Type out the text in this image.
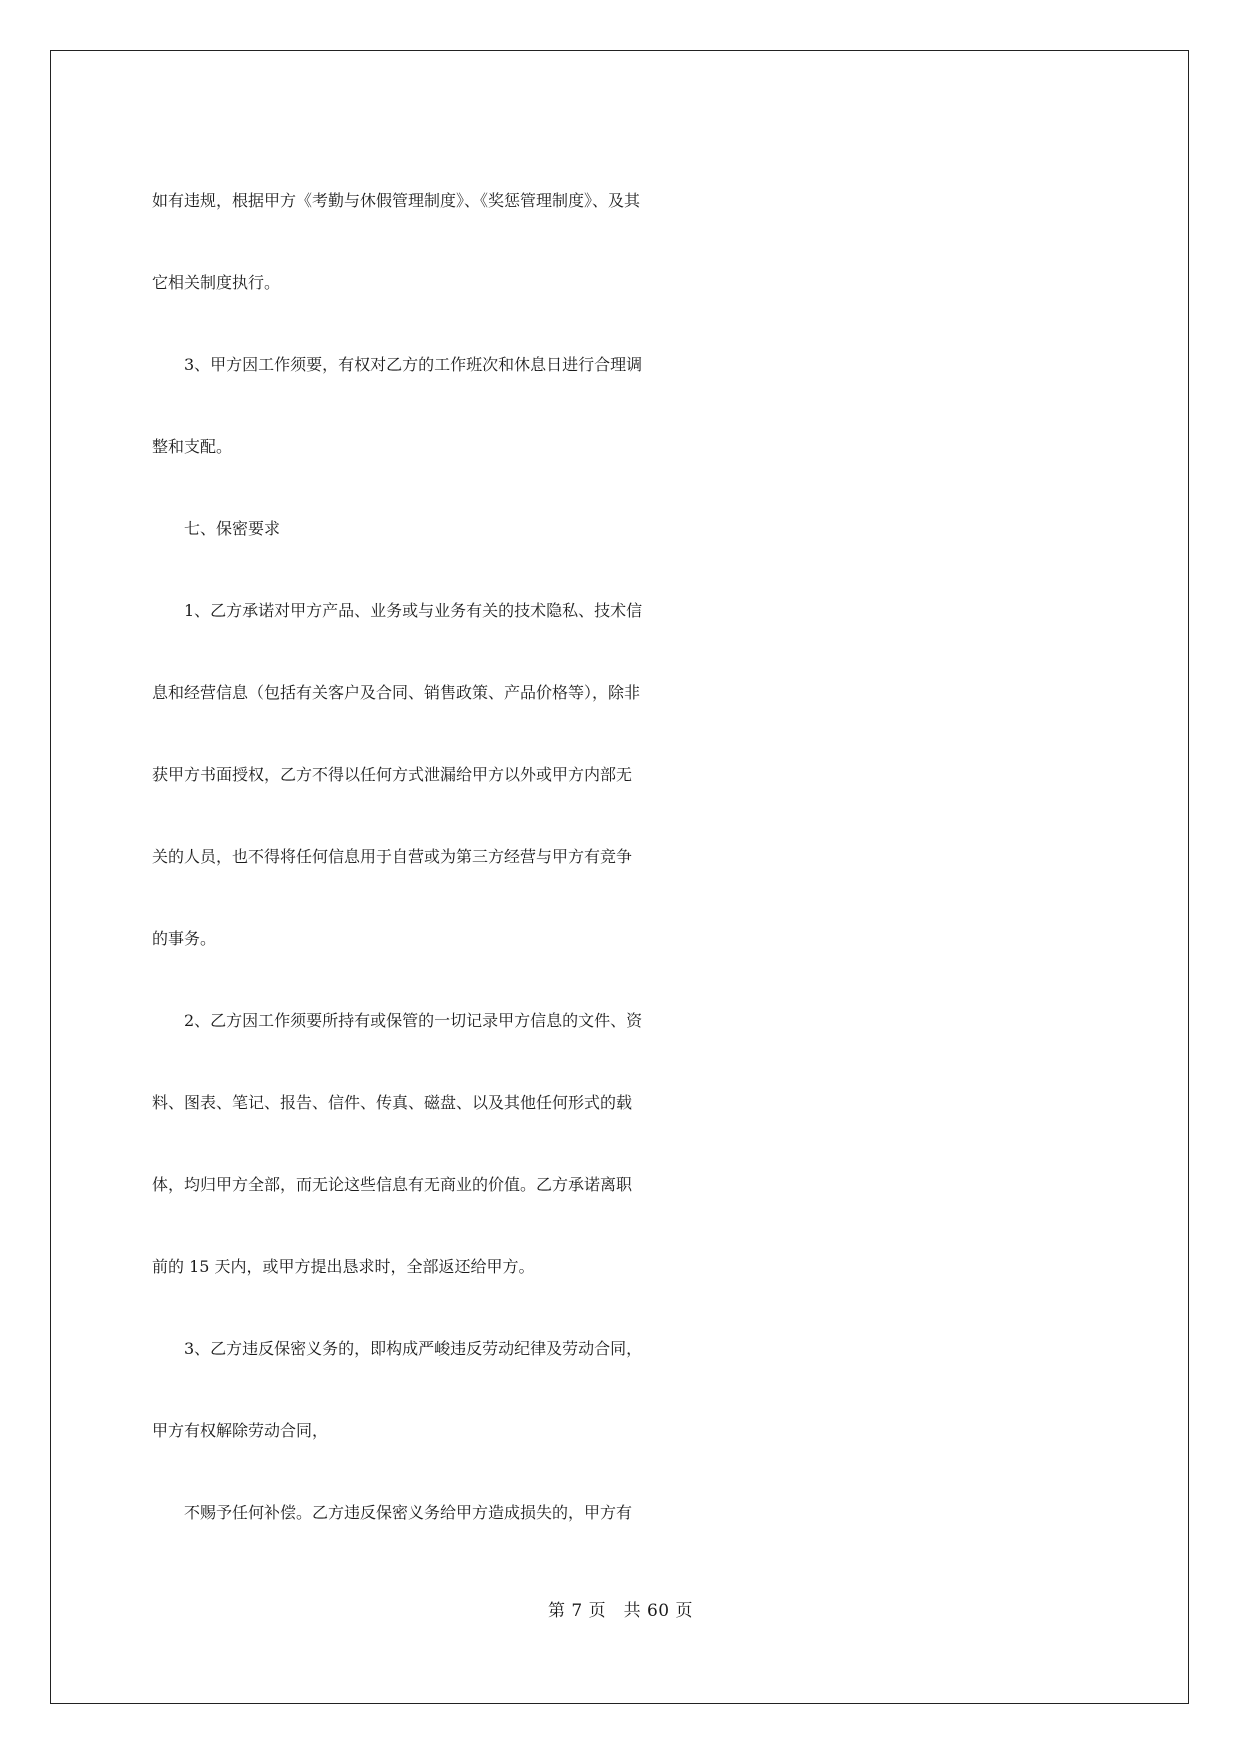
如有违规，根据甲方《考勤与休假管理制度》、《奖惩管理制度》、及其
它相关制度执行。
　　3、甲方因工作须要，有权对乙方的工作班次和休息日进行合理调
整和支配。
　　七、保密要求
　　1、乙方承诺对甲方产品、业务或与业务有关的技术隐私、技术信
息和经营信息（包括有关客户及合同、销售政策、产品价格等），除非
获甲方书面授权，乙方不得以任何方式泄漏给甲方以外或甲方内部无
关的人员，也不得将任何信息用于自营或为第三方经营与甲方有竞争
的事务。
　　2、乙方因工作须要所持有或保管的一切记录甲方信息的文件、资
料、图表、笔记、报告、信件、传真、磁盘、以及其他任何形式的载
体，均归甲方全部，而无论这些信息有无商业的价值。乙方承诺离职
前的 15 天内，或甲方提出恳求时，全部返还给甲方。
　　3、乙方违反保密义务的，即构成严峻违反劳动纪律及劳动合同，
甲方有权解除劳动合同，
　　不赐予任何补偿。乙方违反保密义务给甲方造成损失的，甲方有
第 7 页　共 60 页
